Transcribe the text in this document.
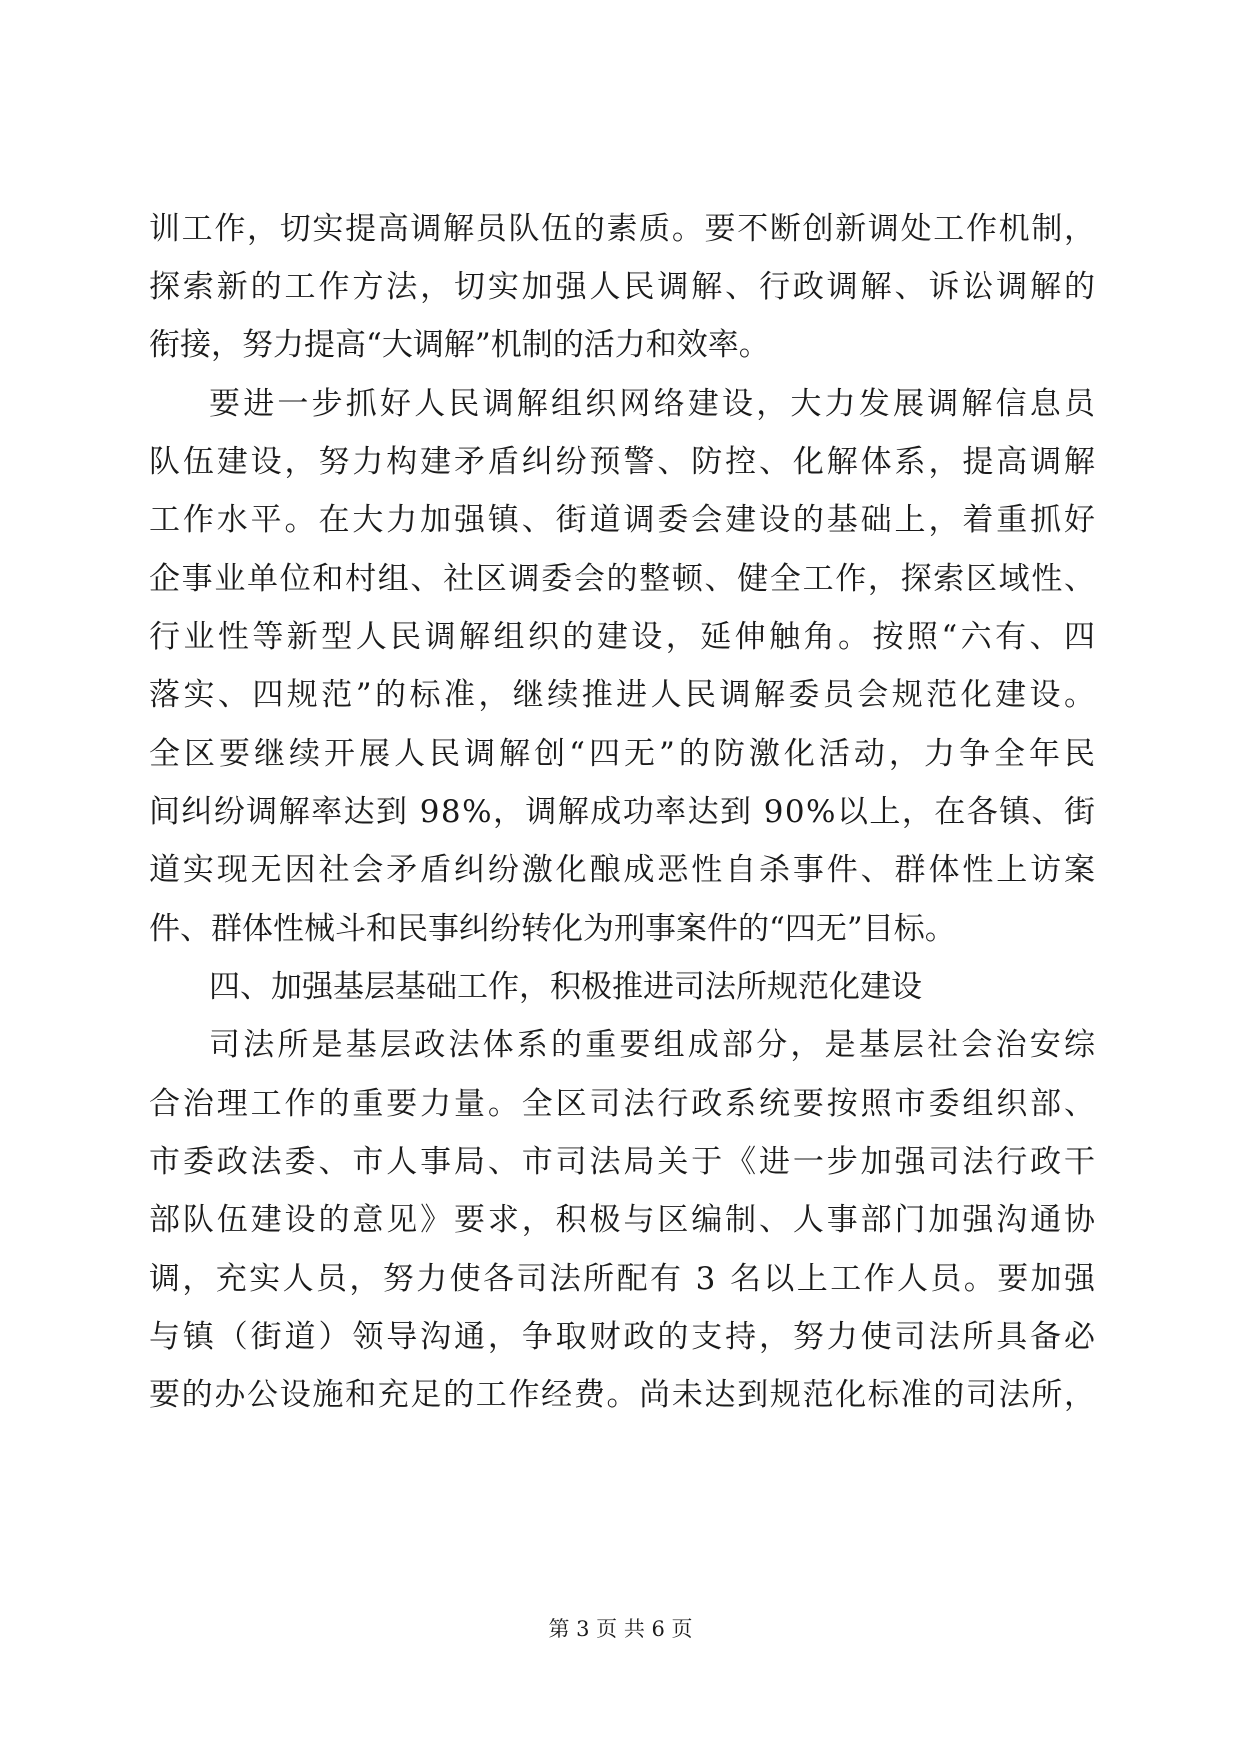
训工作，切实提高调解员队伍的素质。要不断创新调处工作机制，
探索新的工作方法，切实加强人民调解、行政调解、诉讼调解的
衔接，努力提高“大调解”机制的活力和效率。
要进一步抓好人民调解组织网络建设，大力发展调解信息员
队伍建设，努力构建矛盾纠纷预警、防控、化解体系，提高调解
工作水平。在大力加强镇、街道调委会建设的基础上，着重抓好
企事业单位和村组、社区调委会的整顿、健全工作，探索区域性、
行业性等新型人民调解组织的建设，延伸触角。按照“六有、四
落实、四规范”的标准，继续推进人民调解委员会规范化建设。
全区要继续开展人民调解创“四无”的防激化活动，力争全年民
间纠纷调解率达到 98%，调解成功率达到 90%以上，在各镇、街
道实现无因社会矛盾纠纷激化酿成恶性自杀事件、群体性上访案
件、群体性械斗和民事纠纷转化为刑事案件的“四无”目标。
四、加强基层基础工作，积极推进司法所规范化建设
司法所是基层政法体系的重要组成部分，是基层社会治安综
合治理工作的重要力量。全区司法行政系统要按照市委组织部、
市委政法委、市人事局、市司法局关于《进一步加强司法行政干
部队伍建设的意见》要求，积极与区编制、人事部门加强沟通协
调，充实人员，努力使各司法所配有 3 名以上工作人员。要加强
与镇（街道）领导沟通，争取财政的支持，努力使司法所具备必
要的办公设施和充足的工作经费。尚未达到规范化标准的司法所，
第 3 页 共 6 页
